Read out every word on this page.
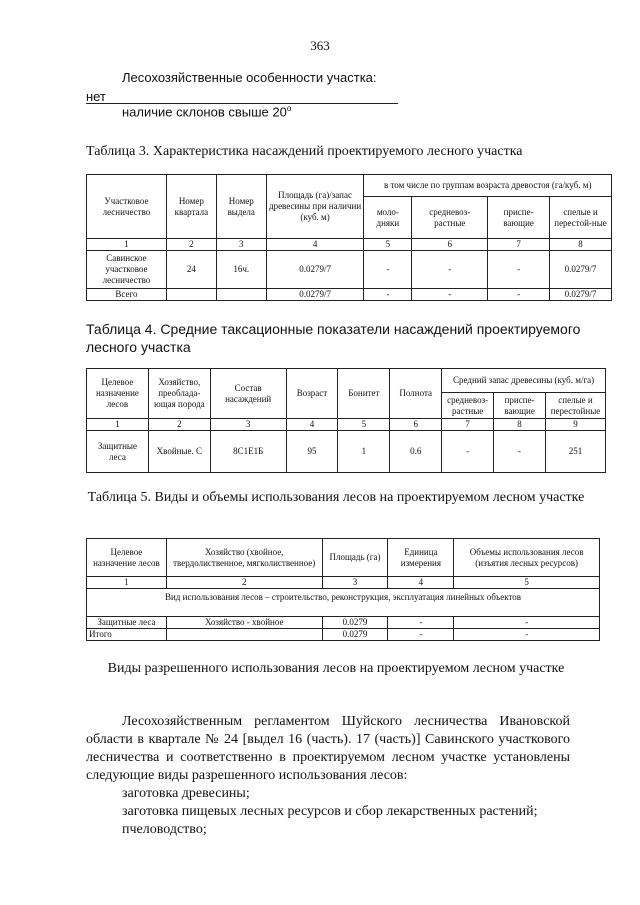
363
Лесохозяйственные особенности участка:
нет
наличие склонов свыше $20^о$
Таблица 3. Характеристика насаждений проектируемого лесного участка
Участковое лесничество	Номер квартала	Номер выдела	Площадь (га)/запас древесины при наличии (куб. м)	в том числе по группам возраста древостоя (га/куб. м)			
				моло-дняки	средневоз-растные	приспе-вающие	спелые и перестой-ные
1	2	3	4	5	6	7	8
Савинское участковое лесничество	24	16ч.	0.0279/7	-	-	-	0.0279/7
Всего			0.0279/7	-	-	-	0.0279/7
Таблица 4. Средние таксационные показатели насаждений проектируемого лесного участка
Целевое назначение лесов	Хозяйство, преоблада-ющая порода	Состав насаждений	Возраст	Бонитет	Полнота	Средний запас древесины (куб. м/га)		
						средневоз-растные	приспе-вающие	спелые и перестойные
1	2	3	4	5	6	7	8	9
Защитные леса	Хвойные. С	8С1Е1Б	95	1	0.6	-	-	251
Таблица 5. Виды и объемы использования лесов на проектируемом лесном участке
Целевое назначение лесов	Хозяйство (хвойное, твердолиственное, мягколиственное)	Площадь (га)	Единица измерения	Объемы использования лесов (изъятия лесных ресурсов)
1	2	3	4	5
Вид использования лесов – строительство, реконструкция, эксплуатация линейных объектов				
Защитные леса	Хозяйство - хвойное	0.0279	-	-
Итого		0.0279	-	-
Виды разрешенного использования лесов на проектируемом лесном участке

Лесохозяйственным регламентом Шуйского лесничества Ивановской области в квартале № 24 [выдел 16 (часть). 17 (часть)] Савинского участкового лесничества и соответственно в проектируемом лесном участке установлены следующие виды разрешенного использования лесов:

заготовка древесины;
заготовка пищевых лесных ресурсов и сбор лекарственных растений;
пчеловодство;
